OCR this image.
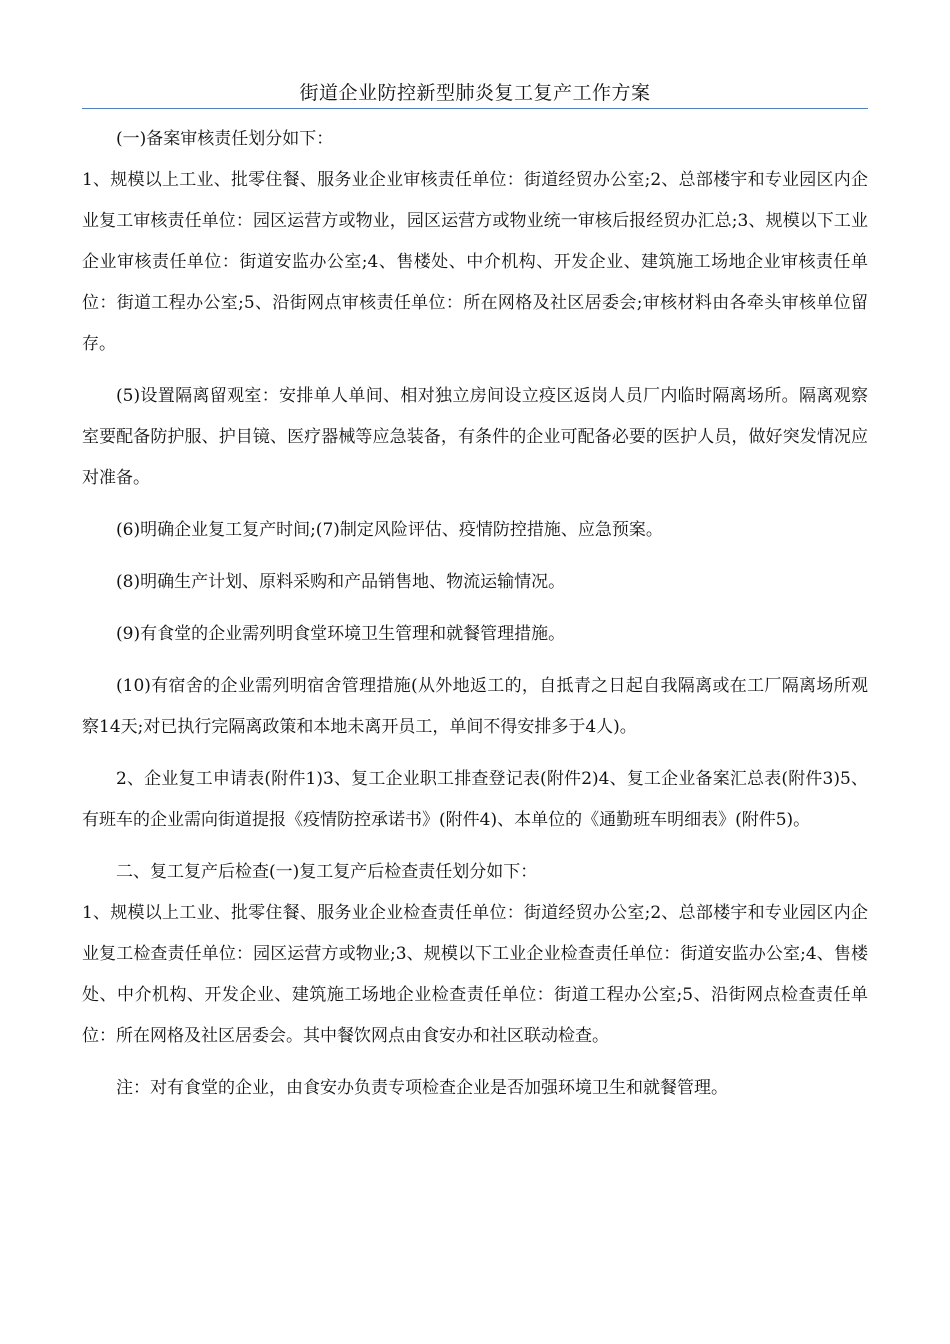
街道企业防控新型肺炎复工复产工作方案

(一)备案审核责任划分如下：

1、规模以上工业、批零住餐、服务业企业审核责任单位：街道经贸办公室;2、总部楼宇和专业园区内企业复工审核责任单位：园区运营方或物业，园区运营方或物业统一审核后报经贸办汇总;3、规模以下工业企业审核责任单位：街道安监办公室;4、售楼处、中介机构、开发企业、建筑施工场地企业审核责任单位：街道工程办公室;5、沿街网点审核责任单位：所在网格及社区居委会;审核材料由各牵头审核单位留存。

(5)设置隔离留观室：安排单人单间、相对独立房间设立疫区返岗人员厂内临时隔离场所。隔离观察室要配备防护服、护目镜、医疗器械等应急装备，有条件的企业可配备必要的医护人员，做好突发情况应对准备。

(6)明确企业复工复产时间;(7)制定风险评估、疫情防控措施、应急预案。

(8)明确生产计划、原料采购和产品销售地、物流运输情况。

(9)有食堂的企业需列明食堂环境卫生管理和就餐管理措施。

(10)有宿舍的企业需列明宿舍管理措施(从外地返工的，自抵青之日起自我隔离或在工厂隔离场所观察14天;对已执行完隔离政策和本地未离开员工，单间不得安排多于4人)。

2、企业复工申请表(附件1)3、复工企业职工排查登记表(附件2)4、复工企业备案汇总表(附件3)5、有班车的企业需向街道提报《疫情防控承诺书》(附件4)、本单位的《通勤班车明细表》(附件5)。

二、复工复产后检查(一)复工复产后检查责任划分如下：

1、规模以上工业、批零住餐、服务业企业检查责任单位：街道经贸办公室;2、总部楼宇和专业园区内企业复工检查责任单位：园区运营方或物业;3、规模以下工业企业检查责任单位：街道安监办公室;4、售楼处、中介机构、开发企业、建筑施工场地企业检查责任单位：街道工程办公室;5、沿街网点检查责任单位：所在网格及社区居委会。其中餐饮网点由食安办和社区联动检查。

注：对有食堂的企业，由食安办负责专项检查企业是否加强环境卫生和就餐管理。
